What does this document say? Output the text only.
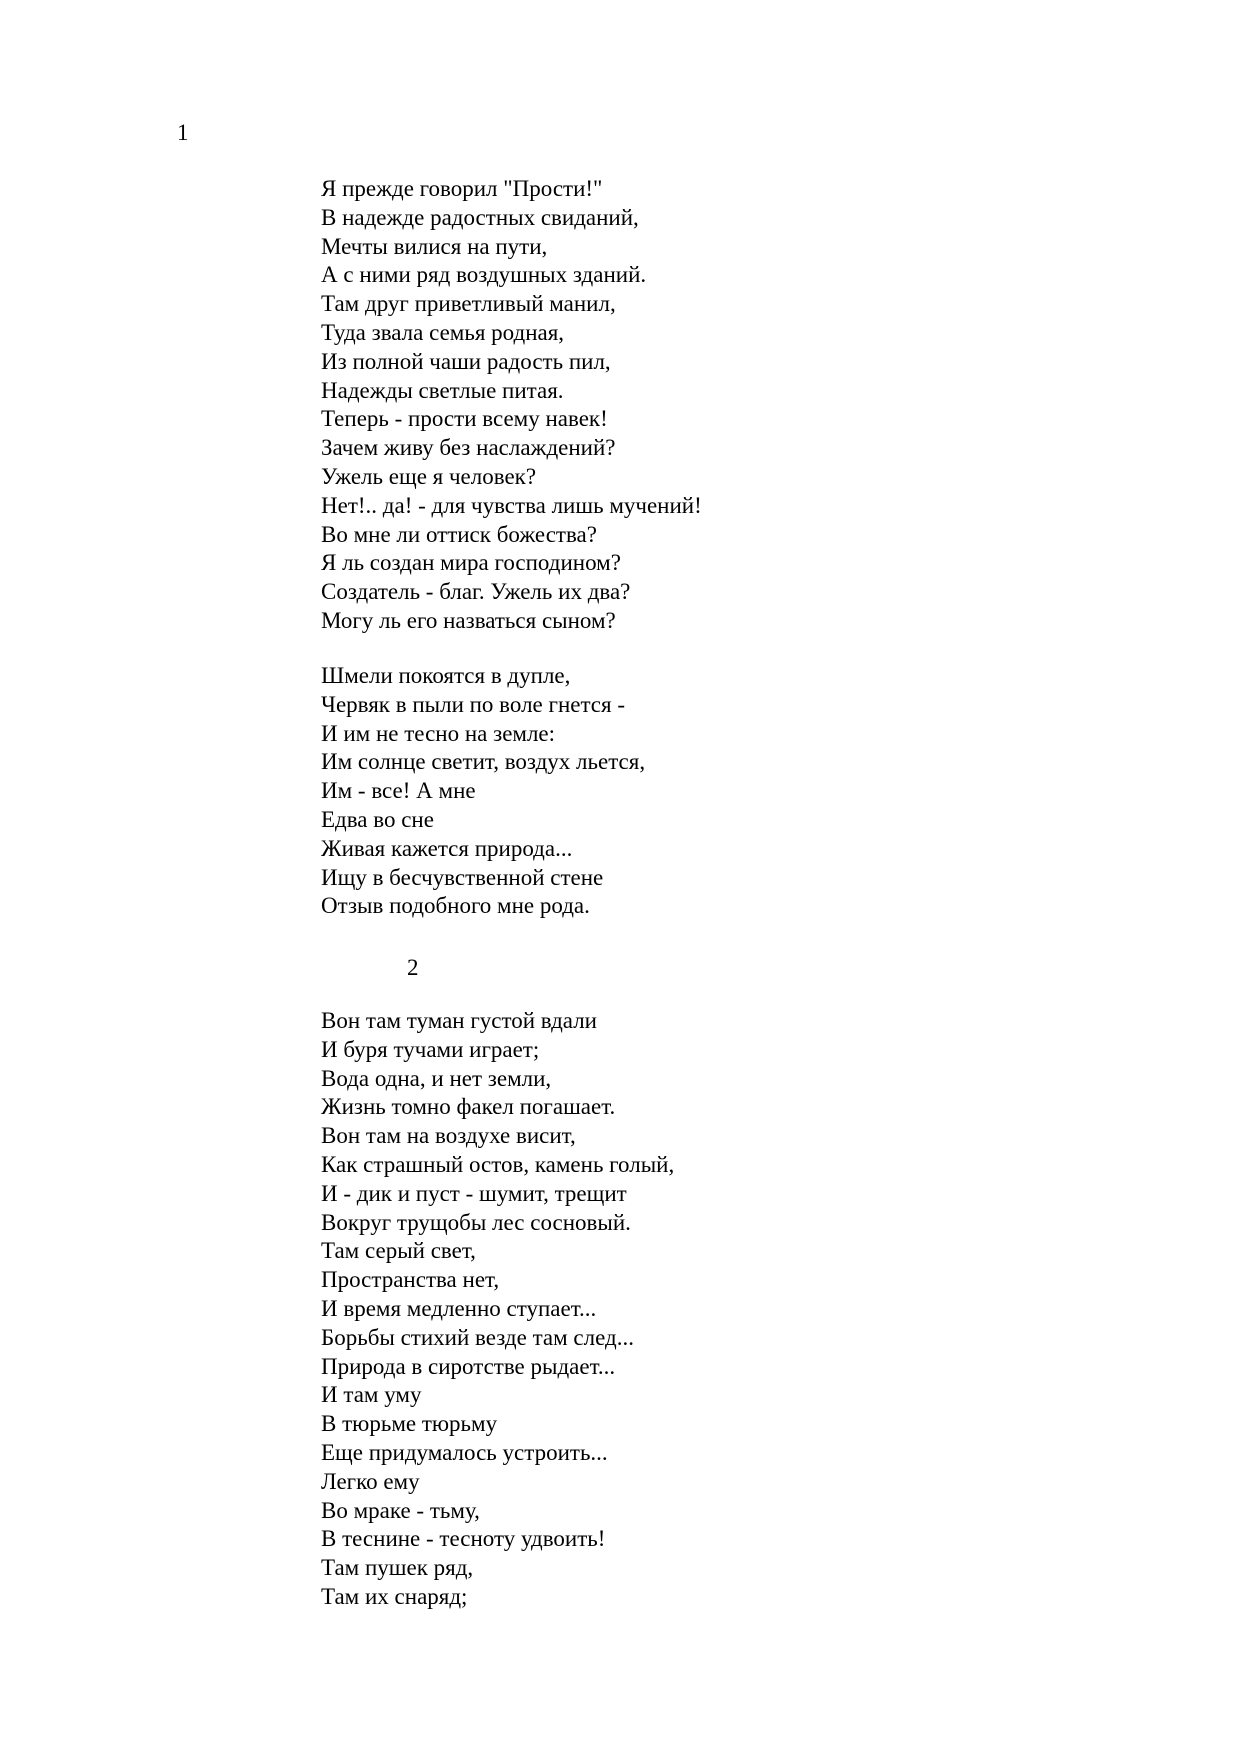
1
Я прежде говорил "Прости!"
В надежде радостных свиданий,
Мечты вилися на пути,
А с ними ряд воздушных зданий.
Там друг приветливый манил,
Туда звала семья родная,
Из полной чаши радость пил,
Надежды светлые питая.
Теперь - прости всему навек!
Зачем живу без наслаждений?
Ужель еще я человек?
Нет!.. да! - для чувства лишь мучений!
Во мне ли оттиск божества?
Я ль создан мира господином?
Создатель - благ. Ужель их два?
Могу ль его назваться сыном?
Шмели покоятся в дупле,
Червяк в пыли по воле гнется -
И им не тесно на земле:
Им солнце светит, воздух льется,
Им - все! А мне
Едва во сне
Живая кажется природа...
Ищу в бесчувственной стене
Отзыв подобного мне рода.
2
Вон там туман густой вдали
И буря тучами играет;
Вода одна, и нет земли,
Жизнь томно факел погашает.
Вон там на воздухе висит,
Как страшный остов, камень голый,
И - дик и пуст - шумит, трещит
Вокруг трущобы лес сосновый.
Там серый свет,
Пространства нет,
И время медленно ступает...
Борьбы стихий везде там след...
Природа в сиротстве рыдает...
И там уму
В тюрьме тюрьму
Еще придумалось устроить...
Легко ему
Во мраке - тьму,
В теснине - тесноту удвоить!
Там пушек ряд,
Там их снаряд;
